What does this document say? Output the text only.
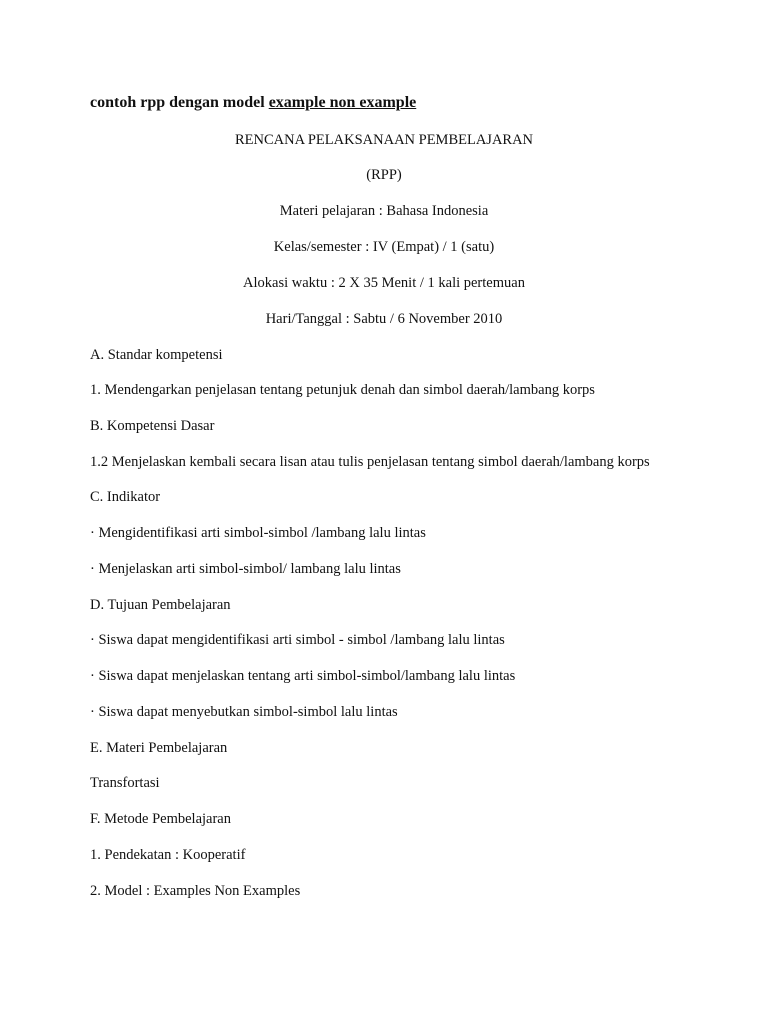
contoh rpp dengan model example non example
RENCANA PELAKSANAAN PEMBELAJARAN
(RPP)
Materi pelajaran : Bahasa Indonesia
Kelas/semester : IV (Empat) / 1 (satu)
Alokasi waktu : 2 X 35 Menit / 1 kali pertemuan
Hari/Tanggal : Sabtu / 6 November 2010
A. Standar kompetensi
1. Mendengarkan penjelasan tentang petunjuk denah dan simbol daerah/lambang korps
B. Kompetensi Dasar
1.2 Menjelaskan kembali secara lisan atau tulis penjelasan tentang simbol daerah/lambang korps
C. Indikator
· Mengidentifikasi arti simbol-simbol /lambang lalu lintas
· Menjelaskan arti simbol-simbol/ lambang lalu lintas
D. Tujuan Pembelajaran
· Siswa dapat mengidentifikasi arti simbol - simbol /lambang lalu lintas
· Siswa dapat menjelaskan tentang arti simbol-simbol/lambang lalu lintas
· Siswa dapat menyebutkan simbol-simbol lalu lintas
E. Materi Pembelajaran
Transfortasi
F. Metode Pembelajaran
1. Pendekatan : Kooperatif
2. Model : Examples Non Examples
